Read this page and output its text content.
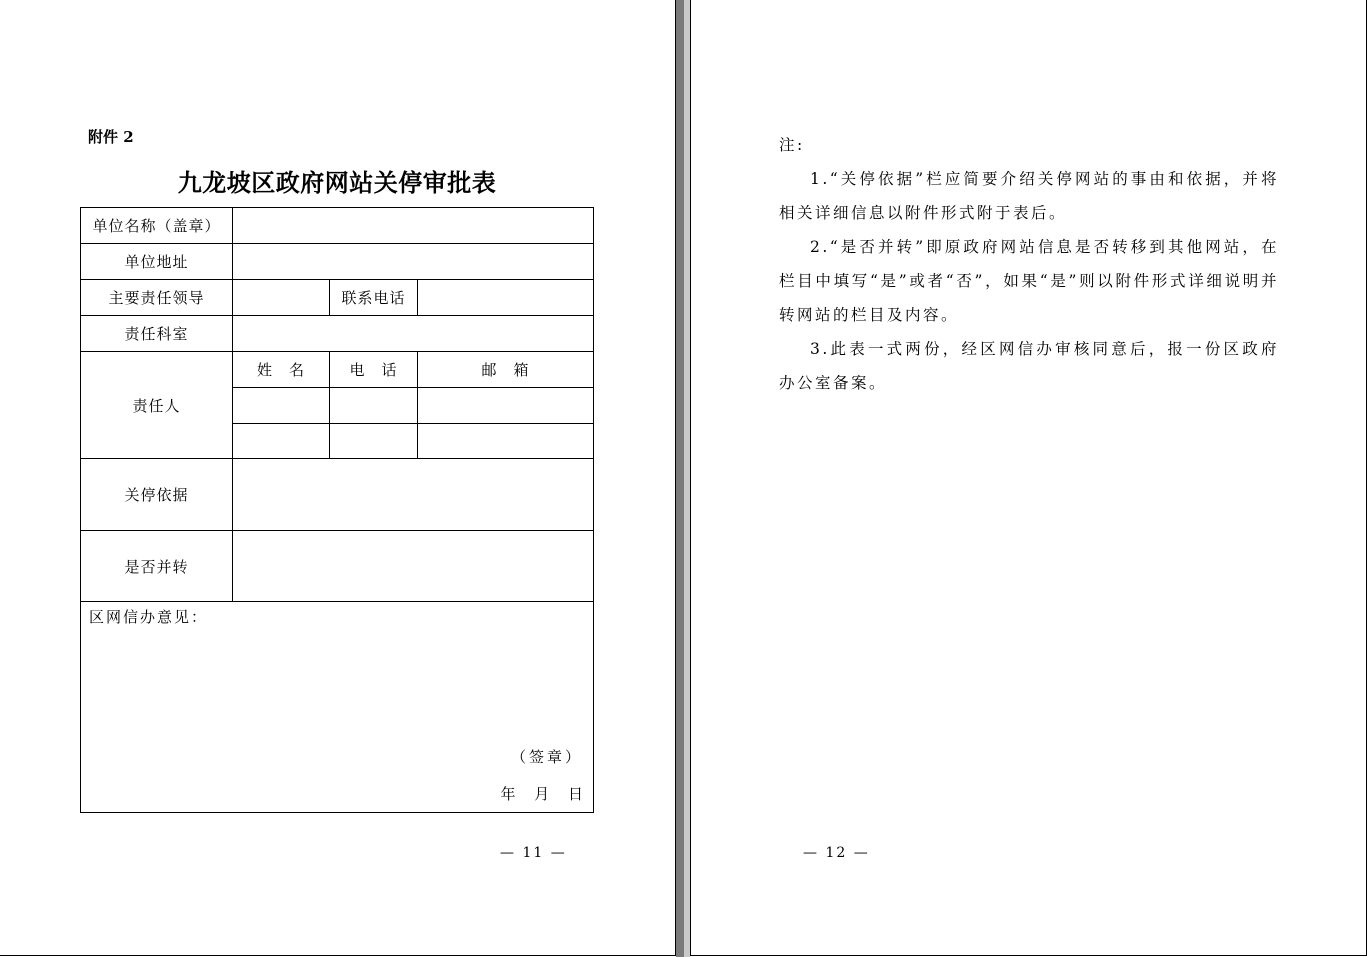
附件 2
九龙坡区政府网站关停审批表
单位名称（盖章）
单位地址
主要责任领导	联系电话
责任科室
责任人
姓　名	电　话	邮　箱
关停依据
是否并转
区网信办意见：
（签章）
年 月 日
— 11 —

注:

1.“关停依据”栏应简要介绍关停网站的事由和依据，并将相关详细信息以附件形式附于表后。

2.“是否并转”即原政府网站信息是否转移到其他网站，在栏目中填写“是”或者“否”，如果“是”则以附件形式详细说明并转网站的栏目及内容。

3.此表一式两份，经区网信办审核同意后，报一份区政府办公室备案。

— 12 —
